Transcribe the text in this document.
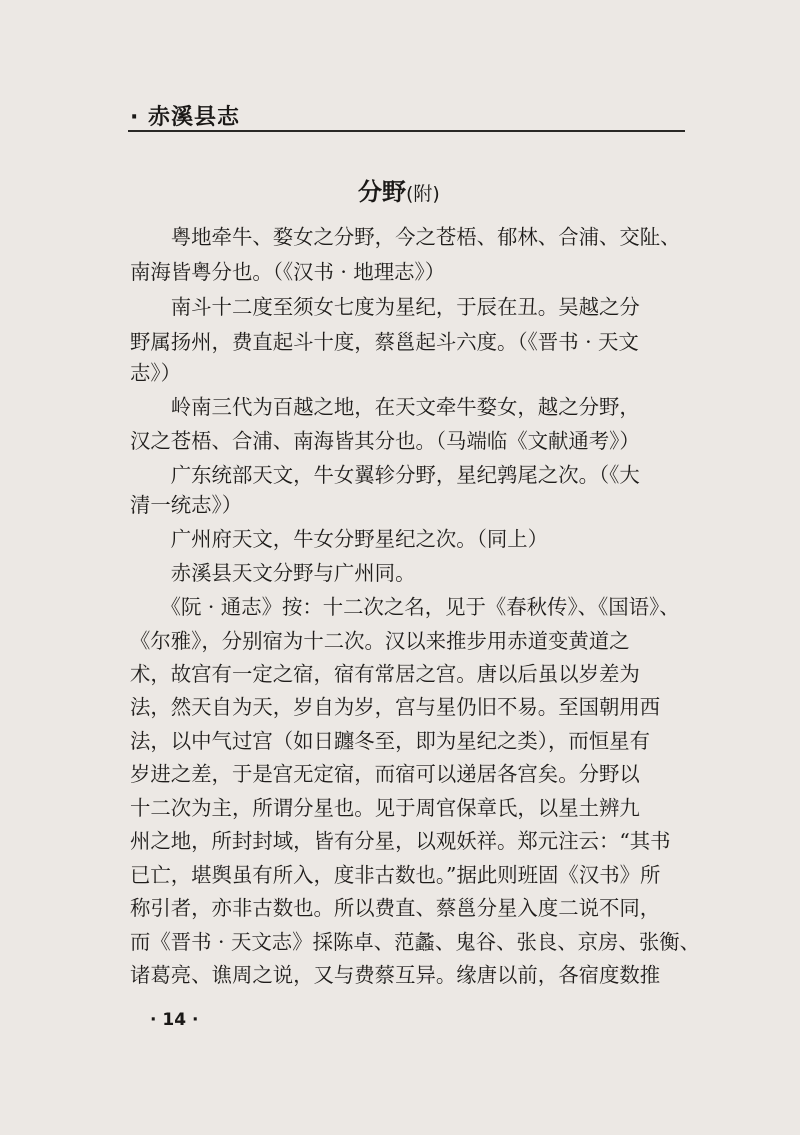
· 赤溪县志
分野(附)
　　粤地牵牛、婺女之分野，今之苍梧、郁林、合浦、交阯、
南海皆粤分也。（《汉书 · 地理志》）
　　南斗十二度至须女七度为星纪，于辰在丑。吴越之分
野属扬州，费直起斗十度，蔡邕起斗六度。（《晋书 · 天文
志》）
　　岭南三代为百越之地，在天文牵牛婺女，越之分野，
汉之苍梧、合浦、南海皆其分也。（马端临《文献通考》）
　　广东统部天文，牛女翼轸分野，星纪鹑尾之次。（《大
清一统志》）
　　广州府天文，牛女分野星纪之次。（同上）
　　赤溪县天文分野与广州同。
　　《阮 · 通志》按：十二次之名，见于《春秋传》、《国语》、
《尔雅》，分别宿为十二次。汉以来推步用赤道变黄道之
术，故宫有一定之宿，宿有常居之宫。唐以后虽以岁差为
法，然天自为天，岁自为岁，宫与星仍旧不易。至国朝用西
法，以中气过宫（如日躔冬至，即为星纪之类），而恒星有
岁进之差，于是宫无定宿，而宿可以递居各宫矣。分野以
十二次为主，所谓分星也。见于周官保章氏，以星土辨九
州之地，所封封域，皆有分星，以观妖祥。郑元注云：“其书
已亡，堪舆虽有所入，度非古数也。”据此则班固《汉书》所
称引者，亦非古数也。所以费直、蔡邕分星入度二说不同，
而《晋书 · 天文志》採陈卓、范蠡、鬼谷、张良、京房、张衡、
诸葛亮、谯周之说，又与费蔡互异。缘唐以前，各宿度数推
· 14 ·
